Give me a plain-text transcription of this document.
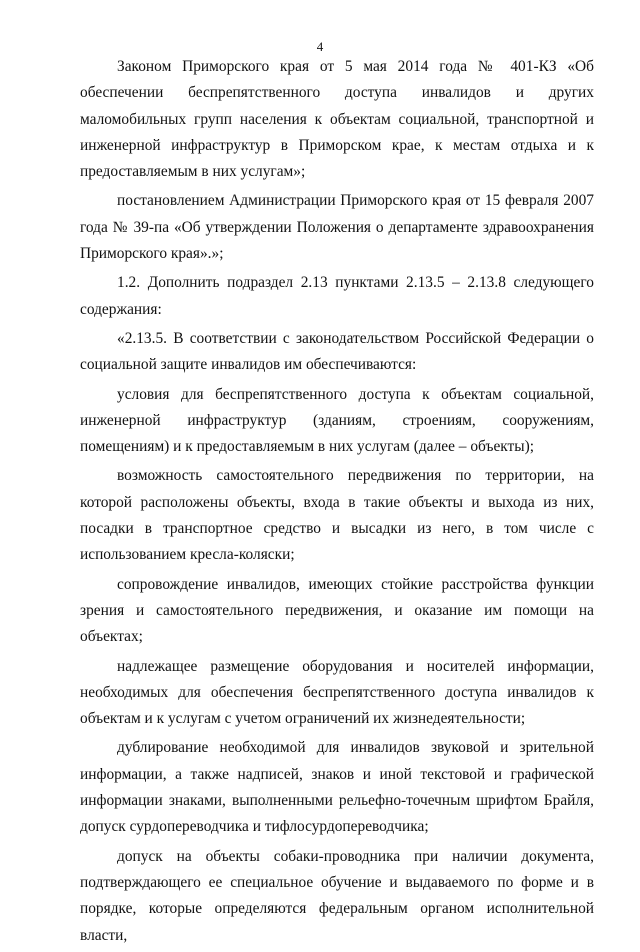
4

Законом Приморского края от 5 мая 2014 года № 401-КЗ «Об обеспечении беспрепятственного доступа инвалидов и других маломобильных групп населения к объектам социальной, транспортной и инженерной инфраструктур в Приморском крае, к местам отдыха и к предоставляемым в них услугам»;

постановлением Администрации Приморского края от 15 февраля 2007 года № 39-па «Об утверждении Положения о департаменте здравоохранения Приморского края».»;

1.2. Дополнить подраздел 2.13 пунктами 2.13.5 – 2.13.8 следующего содержания:

«2.13.5. В соответствии с законодательством Российской Федерации о социальной защите инвалидов им обеспечиваются:

условия для беспрепятственного доступа к объектам социальной, инженерной инфраструктур (зданиям, строениям, сооружениям, помещениям) и к предоставляемым в них услугам (далее – объекты);

возможность самостоятельного передвижения по территории, на которой расположены объекты, входа в такие объекты и выхода из них, посадки в транспортное средство и высадки из него, в том числе с использованием кресла-коляски;

сопровождение инвалидов, имеющих стойкие расстройства функции зрения и самостоятельного передвижения, и оказание им помощи на объектах;

надлежащее размещение оборудования и носителей информации, необходимых для обеспечения беспрепятственного доступа инвалидов к объектам и к услугам с учетом ограничений их жизнедеятельности;

дублирование необходимой для инвалидов звуковой и зрительной информации, а также надписей, знаков и иной текстовой и графической информации знаками, выполненными рельефно-точечным шрифтом Брайля, допуск сурдопереводчика и тифлосурдопереводчика;

допуск на объекты собаки-проводника при наличии документа, подтверждающего ее специальное обучение и выдаваемого по форме и в порядке, которые определяются федеральным органом исполнительной власти,
